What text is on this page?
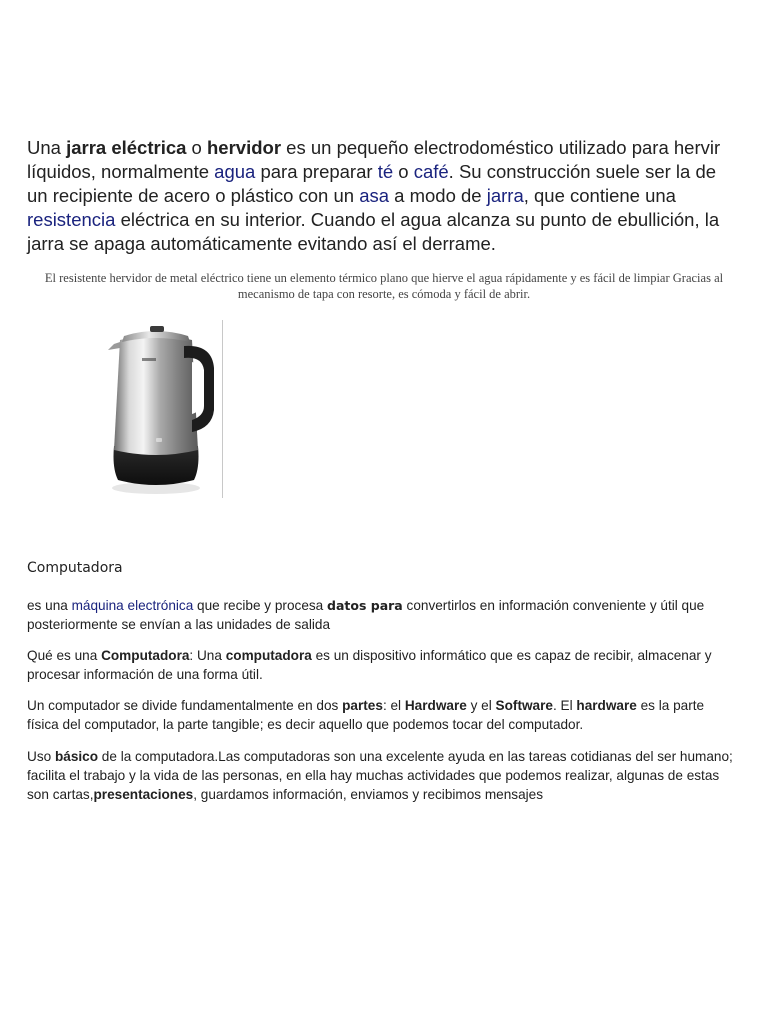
Una jarra eléctrica o hervidor es un pequeño electrodoméstico utilizado para hervir líquidos, normalmente agua para preparar té o café. Su construcción suele ser la de un recipiente de acero o plástico con un asa a modo de jarra, que contiene una resistencia eléctrica en su interior. Cuando el agua alcanza su punto de ebullición, la jarra se apaga automáticamente evitando así el derrame.

El resistente hervidor de metal eléctrico tiene un elemento térmico plano que hierve el agua rápidamente y es fácil de limpiar Gracias al mecanismo de tapa con resorte, es cómoda y fácil de abrir.

Computadora

es una máquina electrónica que recibe y procesa datos para convertirlos en información conveniente y útil que posteriormente se envían a las unidades de salida

Qué es una Computadora: Una computadora es un dispositivo informático que es capaz de recibir, almacenar y procesar información de una forma útil.

Un computador se divide fundamentalmente en dos partes: el Hardware y el Software. El hardware es la parte física del computador, la parte tangible; es decir aquello que podemos tocar del computador.

Uso básico de la computadora.Las computadoras son una excelente ayuda en las tareas cotidianas del ser humano; facilita el trabajo y la vida de las personas, en ella hay muchas actividades que podemos realizar, algunas de estas son cartas,presentaciones, guardamos información, enviamos y recibimos mensajes
